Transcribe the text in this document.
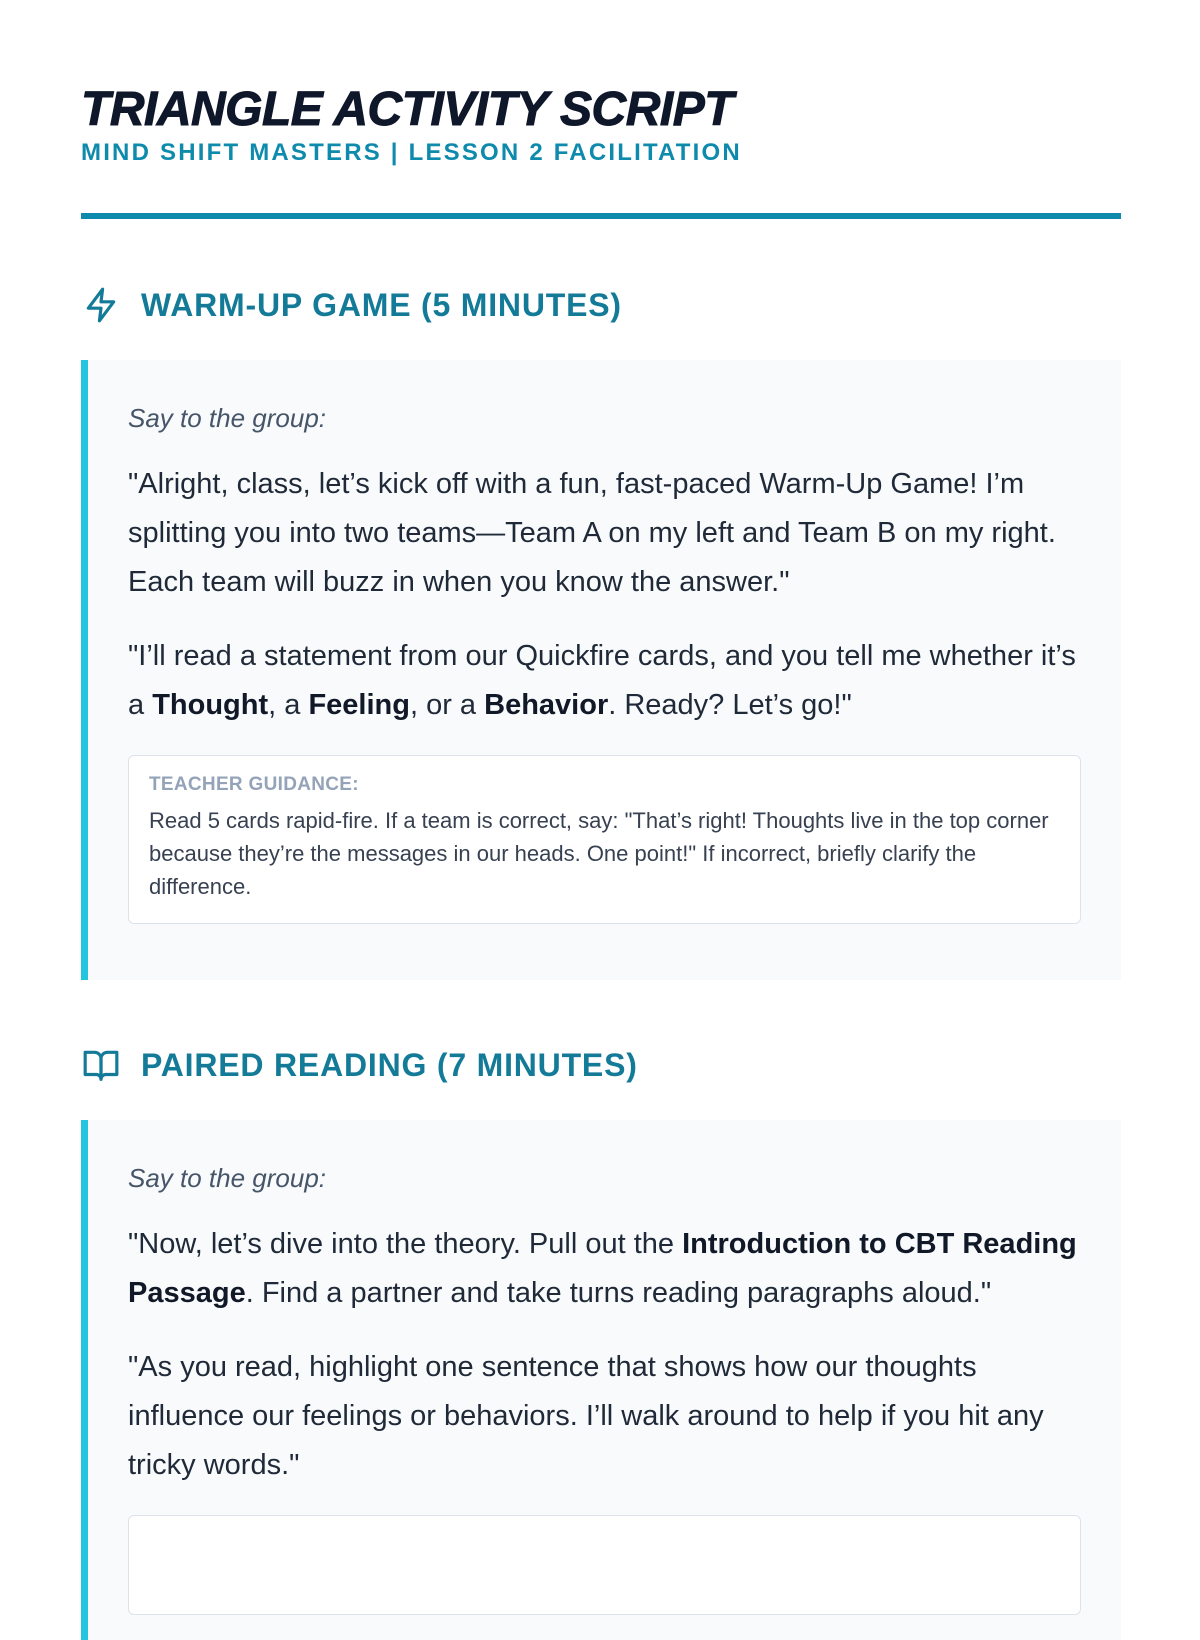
TRIANGLE ACTIVITY SCRIPT
MIND SHIFT MASTERS | LESSON 2 FACILITATION
WARM-UP GAME (5 MINUTES)

Say to the group:

"Alright, class, let’s kick off with a fun, fast-paced Warm-Up Game! I’m splitting you into two teams—Team A on my left and Team B on my right. Each team will buzz in when you know the answer."

"I’ll read a statement from our Quickfire cards, and you tell me whether it’s a Thought, a Feeling, or a Behavior. Ready? Let’s go!"

TEACHER GUIDANCE:

Read 5 cards rapid-fire. If a team is correct, say: "That’s right! Thoughts live in the top corner because they’re the messages in our heads. One point!" If incorrect, briefly clarify the difference.

PAIRED READING (7 MINUTES)

Say to the group:

"Now, let’s dive into the theory. Pull out the Introduction to CBT Reading Passage. Find a partner and take turns reading paragraphs aloud."

"As you read, highlight one sentence that shows how our thoughts influence our feelings or behaviors. I’ll walk around to help if you hit any tricky words."
